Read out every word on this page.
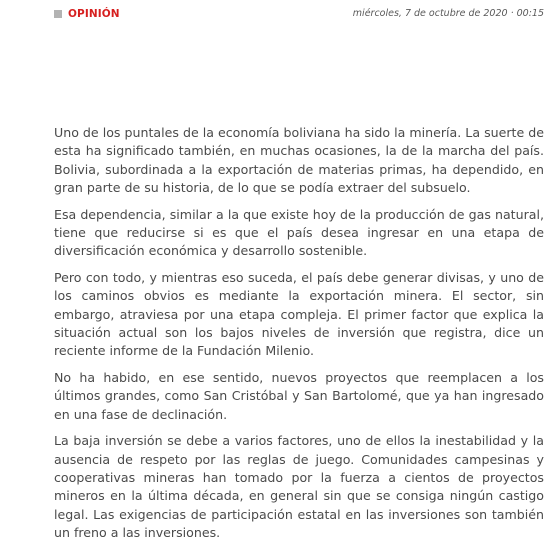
OPINIÓN	miércoles, 7 de octubre de 2020 · 00:15

Uno de los puntales de la economía boliviana ha sido la minería. La suerte de esta ha significado también, en muchas ocasiones, la de la marcha del país. Bolivia, subordinada a la exportación de materias primas, ha dependido, en gran parte de su historia, de lo que se podía extraer del subsuelo.

Esa dependencia, similar a la que existe hoy de la producción de gas natural, tiene que reducirse si es que el país desea ingresar en una etapa de diversificación económica y desarrollo sostenible.

Pero con todo, y mientras eso suceda, el país debe generar divisas, y uno de los caminos obvios es mediante la exportación minera. El sector, sin embargo, atraviesa por una etapa compleja. El primer factor que explica la situación actual son los bajos niveles de inversión que registra, dice un reciente informe de la Fundación Milenio.

No ha habido, en ese sentido, nuevos proyectos que reemplacen a los últimos grandes, como San Cristóbal y San Bartolomé, que ya han ingresado en una fase de declinación.

La baja inversión se debe a varios factores, uno de ellos la inestabilidad y la ausencia de respeto por las reglas de juego. Comunidades campesinas y cooperativas mineras han tomado por la fuerza a cientos de proyectos mineros en la última década, en general sin que se consiga ningún castigo legal. Las exigencias de participación estatal en las inversiones son también un freno a las inversiones.
